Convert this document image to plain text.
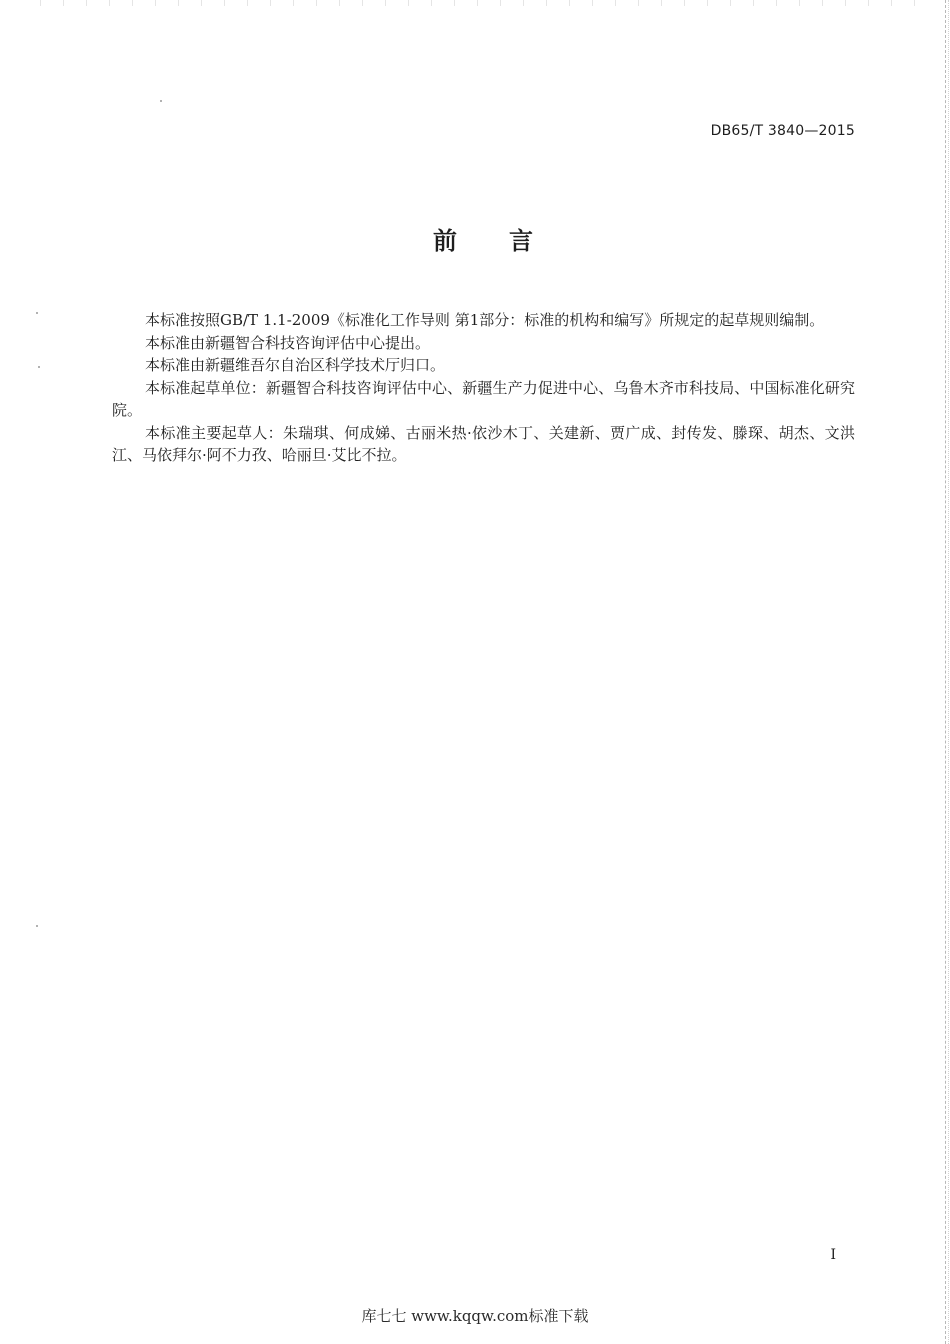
DB65/T 3840—2015
前 言

本标准按照GB/T 1.1-2009《标准化工作导则 第1部分：标准的机构和编写》所规定的起草规则编制。

本标准由新疆智合科技咨询评估中心提出。

本标准由新疆维吾尔自治区科学技术厅归口。

本标准起草单位：新疆智合科技咨询评估中心、新疆生产力促进中心、乌鲁木齐市科技局、中国标准化研究院。

本标准主要起草人：朱瑞琪、何成娣、古丽米热·依沙木丁、关建新、贾广成、封传发、滕琛、胡杰、文洪江、马依拜尔·阿不力孜、哈丽旦·艾比不拉。

I
库七七 www.kqqw.com标准下载
